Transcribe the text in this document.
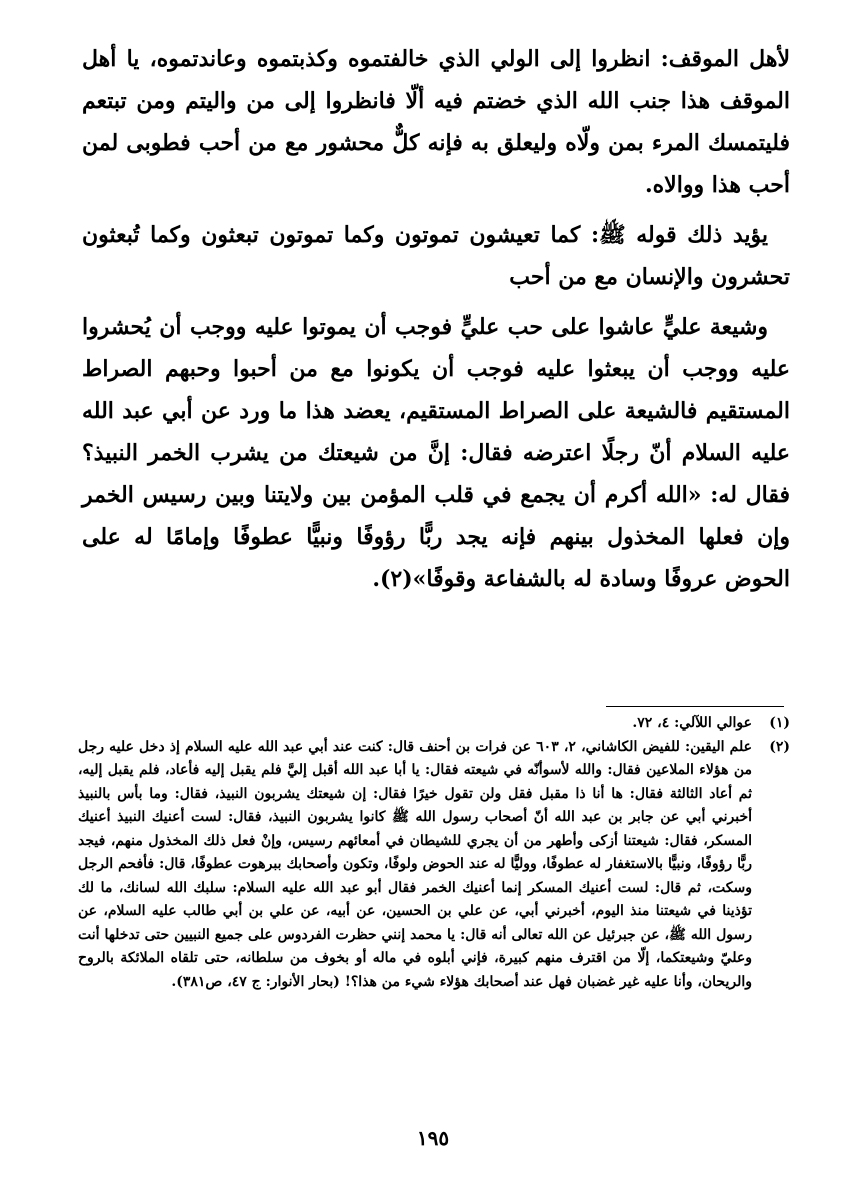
لأهل الموقف: انظروا إلى الولي الذي خالفتموه وكذبتموه وعاندتموه، يا أهل الموقف هذا جنب الله الذي خضتم فيه ألّا فانظروا إلى من واليتم ومن تبتعم فليتمسك المرء بمن ولّاه وليعلق به فإنه كلٌّ محشور مع من أحب فطوبى لمن أحب هذا ووالاه.

يؤيد ذلك قوله ﷺ: كما تعيشون تموتون وكما تموتون تبعثون وكما تُبعثون تحشرون والإنسان مع من أحب

وشيعة عليٍّ عاشوا على حب عليٍّ فوجب أن يموتوا عليه ووجب أن يُحشروا عليه ووجب أن يبعثوا عليه فوجب أن يكونوا مع من أحبوا وحبهم الصراط المستقيم فالشيعة على الصراط المستقيم، يعضد هذا ما ورد عن أبي عبد الله عليه السلام أنّ رجلًا اعترضه فقال: إنَّ من شيعتك من يشرب الخمر النبيذ؟ فقال له: «الله أكرم أن يجمع في قلب المؤمن بين ولايتنا وبين رسيس الخمر وإن فعلها المخذول بينهم فإنه يجد ربًّا رؤوفًا ونبيًّا عطوفًا وإمامًا له على الحوض عروفًا وسادة له بالشفاعة وقوفًا»(٢).

(١)
عوالي اللآلي: ٤، ٧٢.
(٢)
علم اليقين: للفيض الكاشاني، ٢، ٦٠٣ عن فرات بن أحنف قال: كنت عند أبي عبد الله عليه السلام إذ دخل عليه رجل من هؤلاء الملاعين فقال: والله لأسوأنّه في شيعته فقال: يا أبا عبد الله أقبل إليَّ فلم يقبل إليه فأعاد، فلم يقبل إليه، ثم أعاد الثالثة فقال: ها أنا ذا مقبل فقل ولن تقول خيرًا فقال: إن شيعتك يشربون النبيذ، فقال: وما بأس بالنبيذ أخبرني أبي عن جابر بن عبد الله أنّ أصحاب رسول الله ﷺ كانوا يشربون النبيذ، فقال: لست أعنيك النبيذ أعنيك المسكر، فقال: شيعتنا أزكى وأطهر من أن يجري للشيطان في أمعائهم رسيس، وإنْ فعل ذلك المخذول منهم، فيجد ربًّا رؤوفًا، ونبيًّا بالاستغفار له عطوفًا، ووليًّا له عند الحوض ولوفًا، وتكون وأصحابك ببرهوت عطوفًا، قال: فأفحم الرجل وسكت، ثم قال: لست أعنيك المسكر إنما أعنيك الخمر فقال أبو عبد الله عليه السلام: سلبك الله لسانك، ما لك تؤذينا في شيعتنا منذ اليوم، أخبرني أبي، عن علي بن الحسين، عن أبيه، عن علي بن أبي طالب عليه السلام، عن رسول الله ﷺ، عن جبرئيل عن الله تعالى أنه قال: يا محمد إنني حظرت الفردوس على جميع النبيين حتى تدخلها أنت وعليّ وشيعتكما، إلّا من اقترف منهم كبيرة، فإني أبلوه في ماله أو بخوف من سلطانه، حتى تلقاه الملائكة بالروح والريحان، وأنا عليه غير غضبان فهل عند أصحابك هؤلاء شيء من هذا؟! (بحار الأنوار: ج ٤٧، ص٣٨١).
١٩٥
